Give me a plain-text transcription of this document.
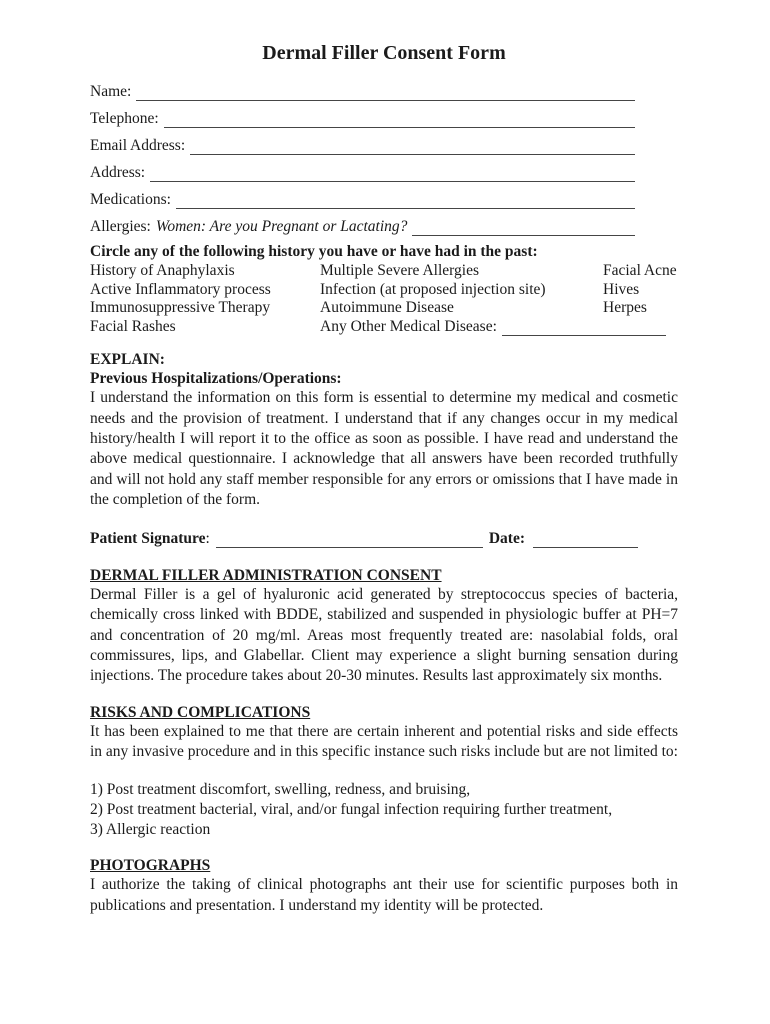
Dermal Filler Consent Form
Name:
Telephone:
Email Address:
Address:
Medications:
Allergies: Women: Are you Pregnant or Lactating?
Circle any of the following history you have or have had in the past:
History of Anaphylaxis	Multiple Severe Allergies	Facial Acne
Active Inflammatory process	Infection (at proposed injection site)	Hives
Immunosuppressive Therapy	Autoimmune Disease	Herpes
Facial Rashes	Any Other Medical Disease:
EXPLAIN:
Previous Hospitalizations/Operations:

I understand the information on this form is essential to determine my medical and cosmetic needs and the provision of treatment. I understand that if any changes occur in my medical history/health I will report it to the office as soon as possible. I have read and understand the above medical questionnaire. I acknowledge that all answers have been recorded truthfully and will not hold any staff member responsible for any errors or omissions that I have made in the completion of the form.

Patient Signature:	Date:
DERMAL FILLER ADMINISTRATION CONSENT

Dermal Filler is a gel of hyaluronic acid generated by streptococcus species of bacteria, chemically cross linked with BDDE, stabilized and suspended in physiologic buffer at PH=7 and concentration of 20 mg/ml. Areas most frequently treated are: nasolabial folds, oral commissures, lips, and Glabellar. Client may experience a slight burning sensation during injections. The procedure takes about 20-30 minutes. Results last approximately six months.

RISKS AND COMPLICATIONS

It has been explained to me that there are certain inherent and potential risks and side effects in any invasive procedure and in this specific instance such risks include but are not limited to:

1) Post treatment discomfort, swelling, redness, and bruising,
2) Post treatment bacterial, viral, and/or fungal infection requiring further treatment,
3) Allergic reaction
PHOTOGRAPHS

I authorize the taking of clinical photographs ant their use for scientific purposes both in publications and presentation. I understand my identity will be protected.
